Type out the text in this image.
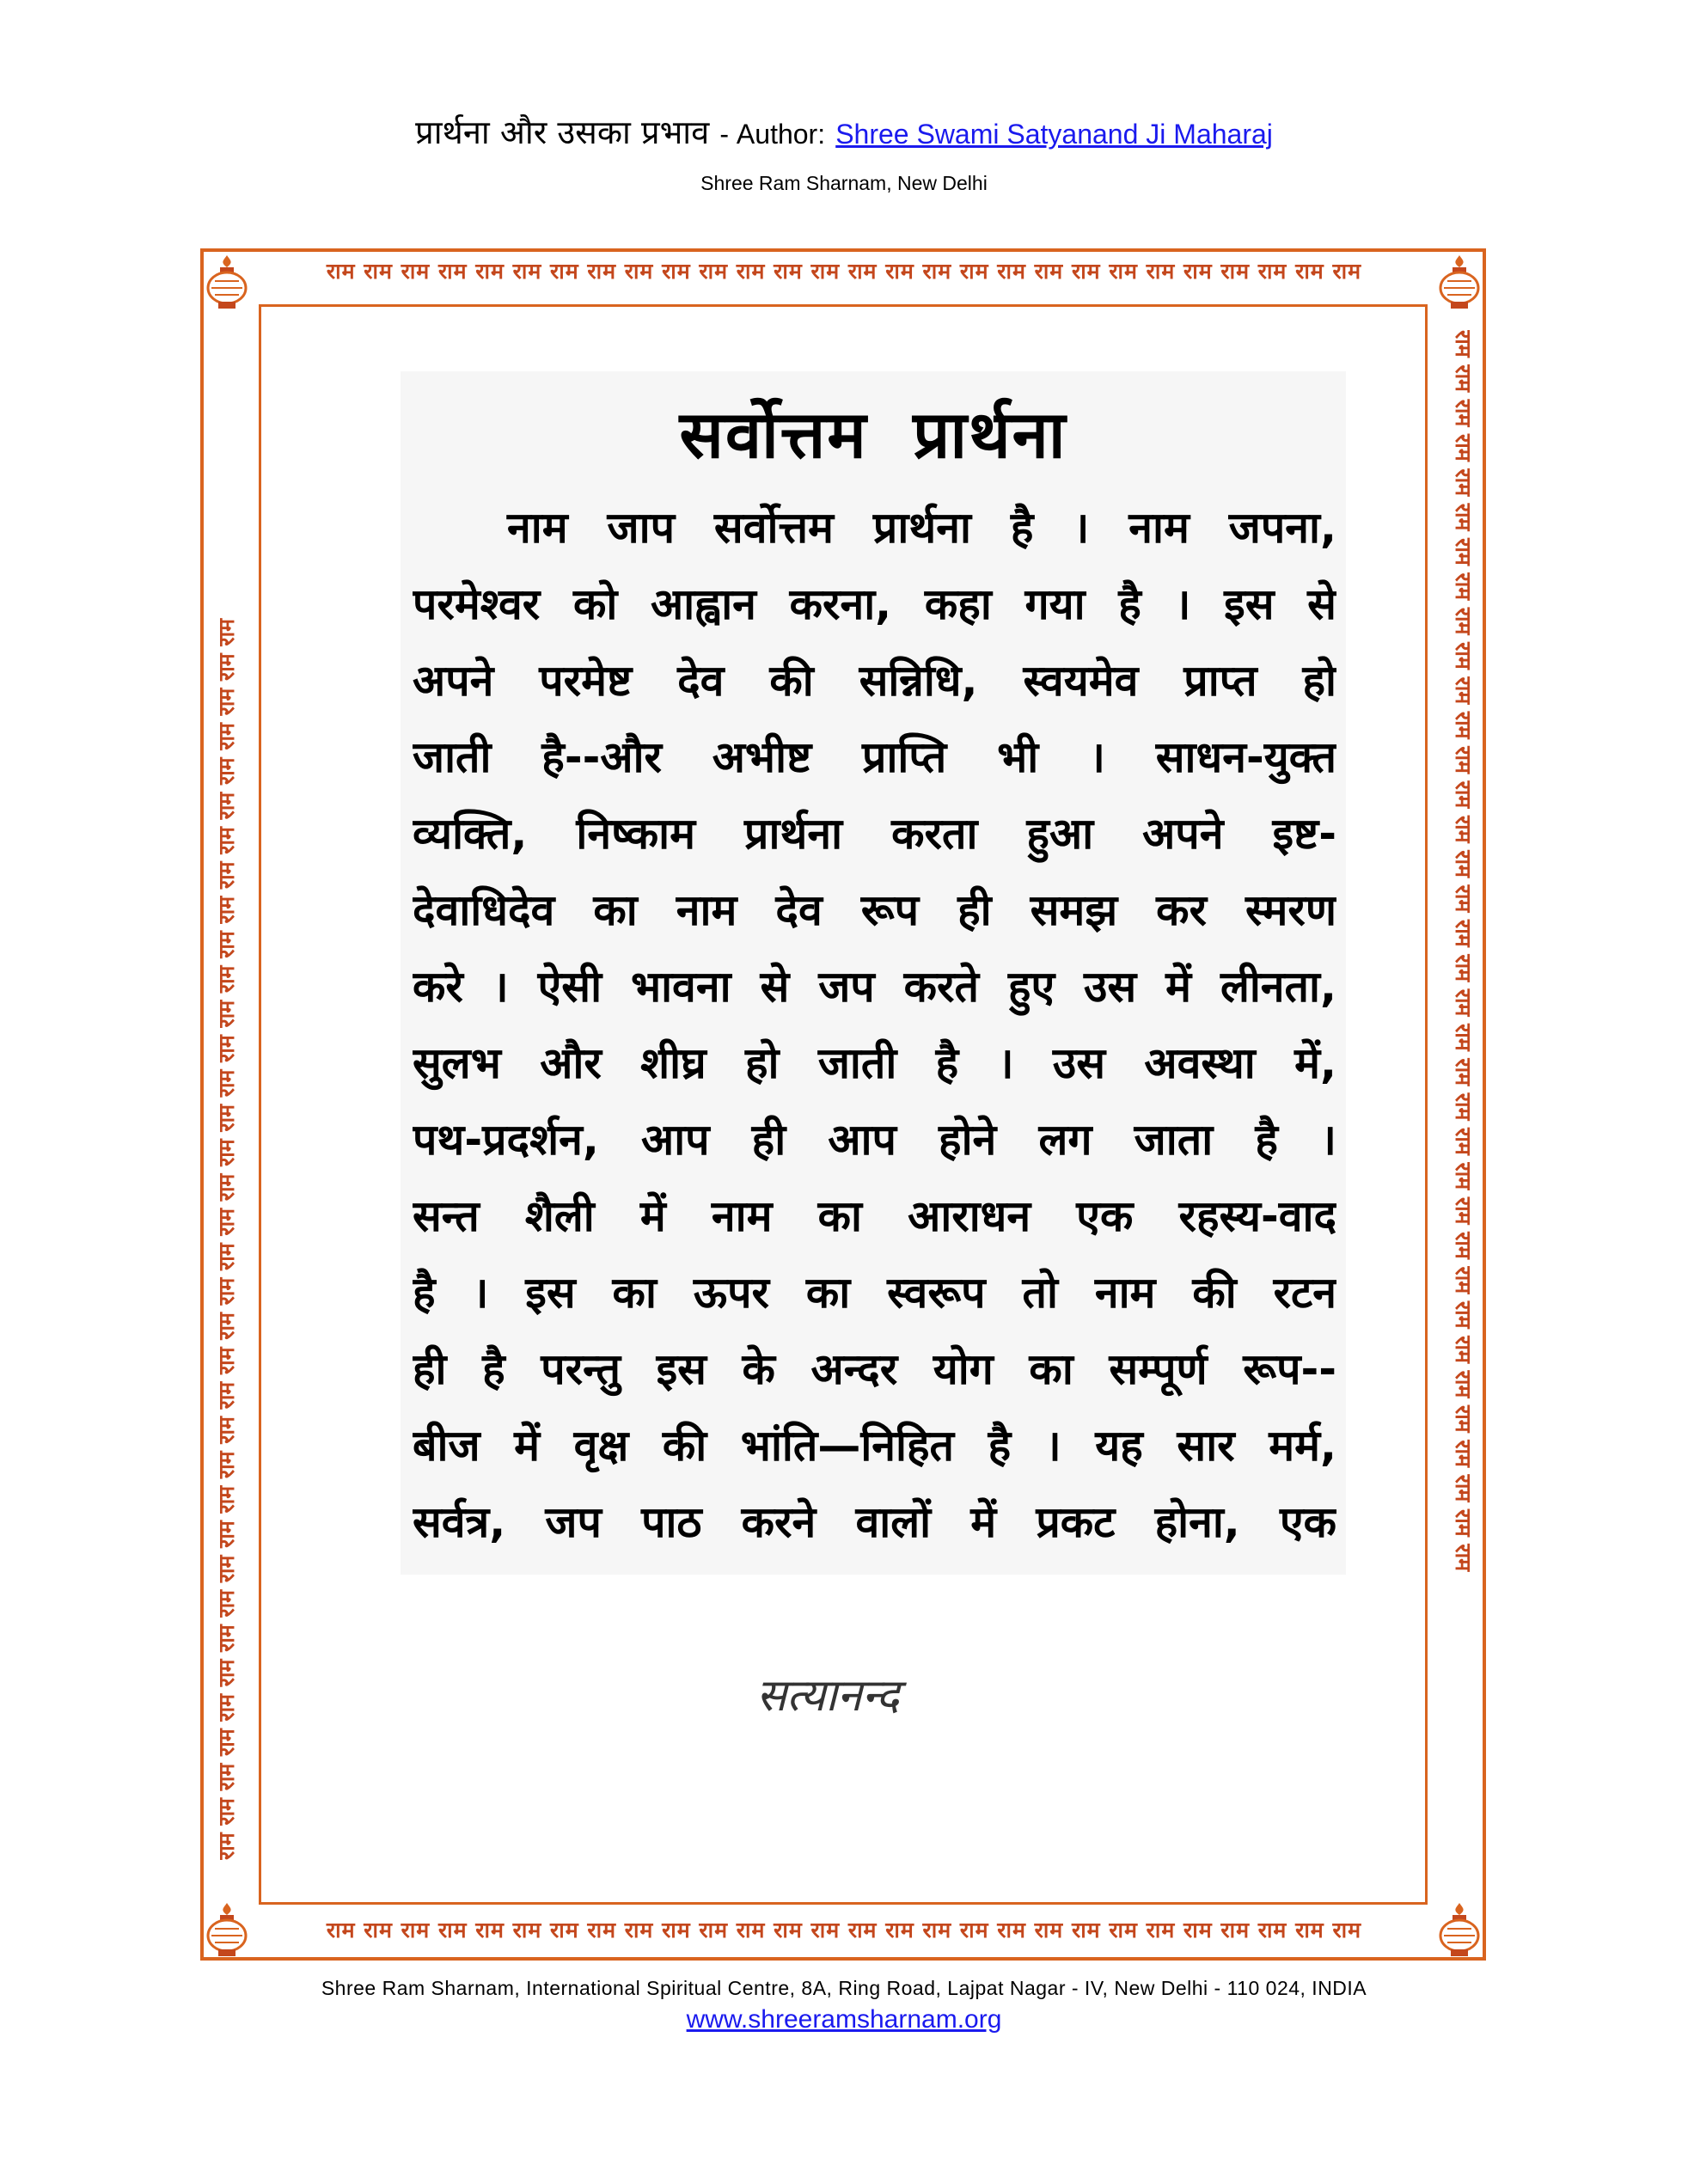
प्रार्थना और उसका प्रभाव - Author: Shree Swami Satyanand Ji Maharaj
Shree Ram Sharnam, New Delhi
राम राम राम राम राम राम राम राम राम राम राम राम राम राम राम राम राम राम राम राम राम राम राम राम राम राम राम राम
राम राम राम राम राम राम राम राम राम राम राम राम राम राम राम राम राम राम राम राम राम राम राम राम राम राम राम राम
राम राम राम राम राम राम राम राम राम राम राम राम राम राम राम राम राम राम राम राम राम राम राम राम राम राम राम राम राम राम राम राम राम राम राम राम	राम राम राम राम राम राम राम राम राम राम राम राम राम राम राम राम राम राम राम राम राम राम राम राम राम राम राम राम राम राम राम राम राम राम राम राम
सर्वोत्तम प्रार्थना
नाम जाप सर्वोत्तम प्रार्थना है । नाम जपना,
परमेश्वर को आह्वान करना, कहा गया है । इस से
अपने परमेष्ट देव की सन्निधि, स्वयमेव प्राप्त हो
जाती है--और अभीष्ट प्राप्ति भी । साधन-युक्त
व्यक्ति, निष्काम प्रार्थना करता हुआ अपने इष्ट-
देवाधिदेव का नाम देव रूप ही समझ कर स्मरण
करे । ऐसी भावना से जप करते हुए उस में लीनता,
सुलभ और शीघ्र हो जाती है । उस अवस्था में,
पथ-प्रदर्शन, आप ही आप होने लग जाता है ।
सन्त शैली में नाम का आराधन एक रहस्य-वाद
है । इस का ऊपर का स्वरूप तो नाम की रटन
ही है परन्तु इस के अन्दर योग का सम्पूर्ण रूप--
बीज में वृक्ष की भांति—निहित है । यह सार मर्म,
सर्वत्र, जप पाठ करने वालों में प्रकट होना, एक
सत्यानन्द
Shree Ram Sharnam, International Spiritual Centre, 8A, Ring Road, Lajpat Nagar - IV, New Delhi - 110 024, INDIA
www.shreeramsharnam.org
